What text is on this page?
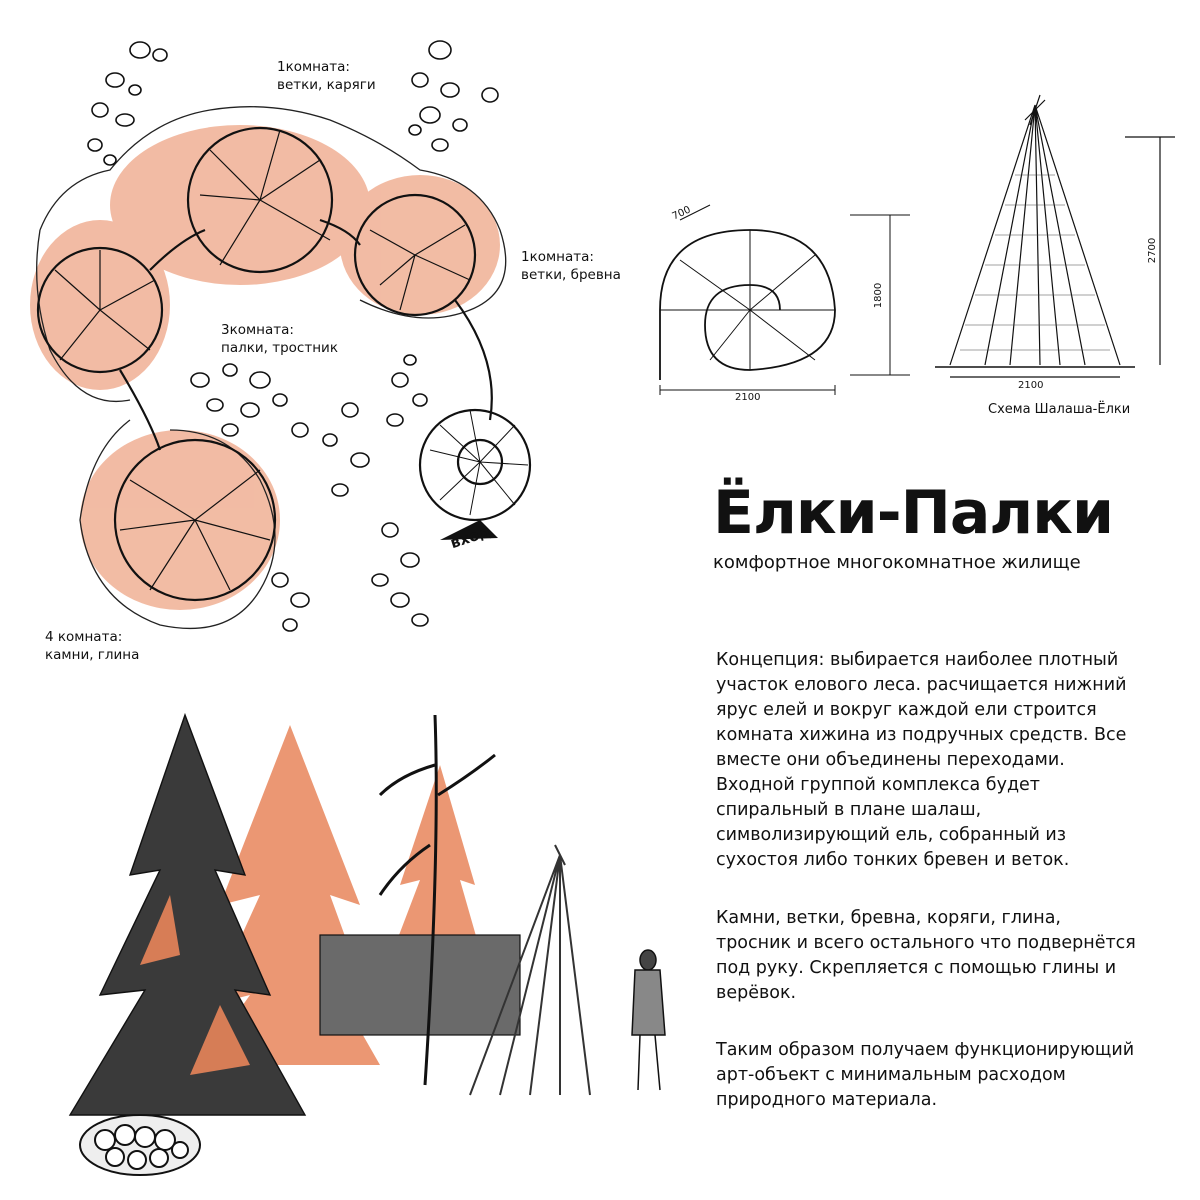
1комната:
ветки, каряги
1комната:
ветки, бревна
3комната:
палки, тростник
4 комната:
камни, глина
вход
700
1800
2100
2700
2100
Схема Шалаша-Ёлки
Ёлки-Палки
комфортное многокомнатное жилище
Концепция: выбирается наиболее плотный участок елового леса. расчищается нижний ярус елей и вокруг каждой ели строится комната хижина из подручных средств. Все вместе они объединены переходами. Входной группой комплекса будет спиральный в плане шалаш, символизирующий ель, собранный из сухостоя либо тонких бревен и веток.
Камни, ветки, бревна, коряги, глина, тросник и всего остального что подвернётся под руку. Скрепляется с помощью глины и верёвок.
Таким образом получаем функционирующий арт-объект с минимальным расходом природного материала.
